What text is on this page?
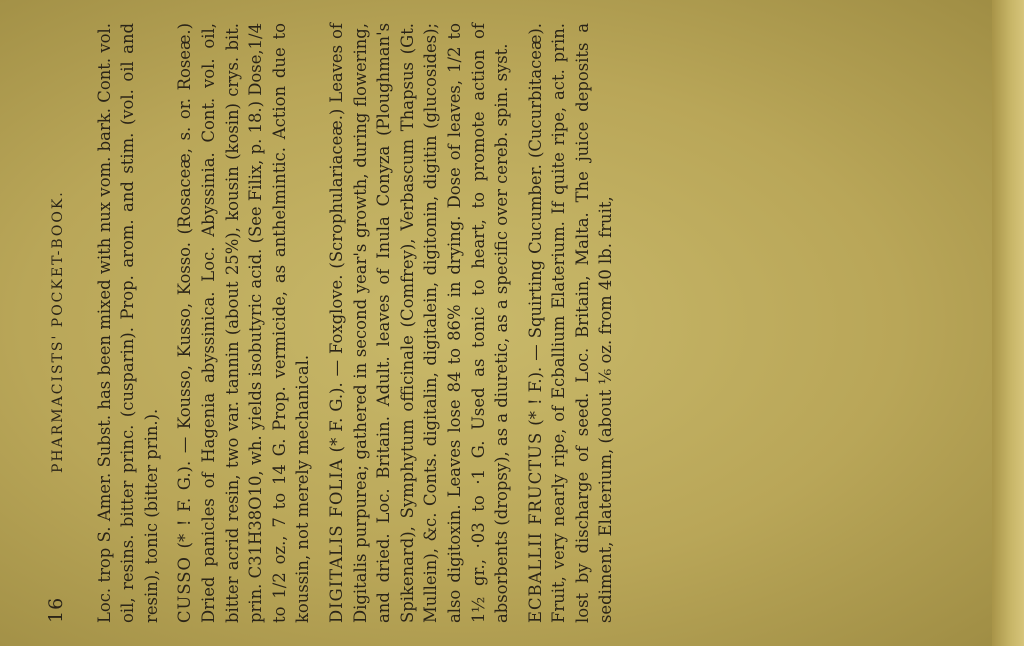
16
PHARMACISTS' POCKET-BOOK. Loc. trop S. Amer. Subst. has been mixed with nux vom. bark. Cont. vol. oil, resins. bitter princ. (cusparin). Prop. arom. and stim. (vol. oil and resin), tonic (bitter prin.). CUSSO (* ! F. G.). — Kousso, Kusso, Kosso. (Rosaceæ, s. or. Roseæ.) Dried panicles of Hagenia abyssinica. Loc. Abyssinia. Cont. vol. oil, bitter acrid resin, two var. tannin (about 25%), kousin (kosin) crys. bit. prin. C31H38O10, wh. yields isobutyric acid. (See Filix, p. 18.) Dose,1/4 to 1/2 oz., 7 to 14 G. Prop. vermicide, as anthelmintic. Action due to koussin, not merely mechanical. DIGITALIS FOLIA (* F. G.). — Foxglove. (Scrophulariaceæ.) Leaves of Digitalis purpurea; gathered in second year's growth, during flowering, and dried. Loc. Britain. Adult. leaves of Inula Conyza (Ploughman's Spikenard), Symphytum officinale (Comfrey), Verbascum Thapsus (Gt. Mullein), &c. Conts. digitalin, digitalein, digitonin, digitin (glucosides); also digitoxin. Leaves lose 84 to 86% in drying. Dose of leaves, 1/2 to 1½ gr., ·03 to ·1 G. Used as tonic to heart, to promote action of absorbents (dropsy), as a diuretic, as a specific over cereb. spin. syst. ECBALLII FRUCTUS (* ! F.). — Squirting Cucumber. (Cucurbitaceæ). Fruit, very nearly ripe, of Ecballium Elaterium. If quite ripe, act. prin. lost by discharge of seed. Loc. Britain, Malta. The juice deposits a sediment, Elaterium, (about ⅙ oz. from 40 lb. fruit,
